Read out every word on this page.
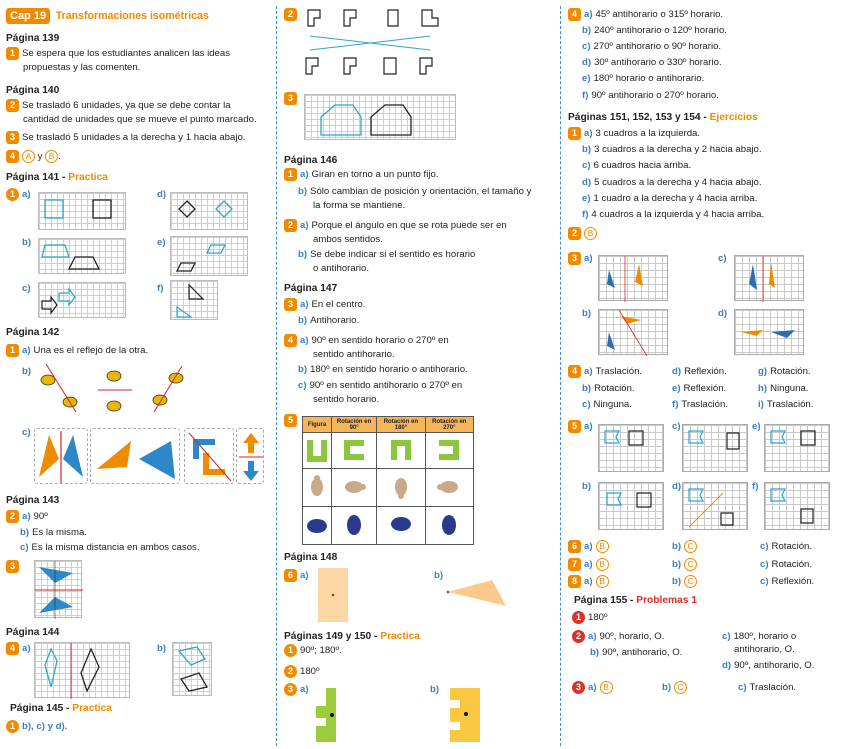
Cap 19 Transformaciones isométricas
Página 139
1 Se espera que los estudiantes analicen las ideas
propuestas y las comenten.
Página 140
2 Se trasladó 6 unidades, ya que se debe contar la
cantidad de unidades que se mueve el punto marcado.
3 Se trasladó 5 unidades a la derecha y 1 hacia abajo.
4 A y B .
Página 141 - Practica
1 a)	d)
b)	e)
c)	f)
Página 142
1 a) Una es el reflejo de la otra.
b)
c)
Página 143
2 a) 90º
b) Es la misma.
c) Es la misma distancia en ambos casos.
3
Página 144
4 a)	b)
Página 145 - Practica
1 b), c) y d).
2
3
Página 146
1 a) Giran en torno a un punto fijo.
b) Sólo cambian de posición y orientación, el tamaño y
la forma se mantiene.
2 a) Porque el ángulo en que se rota puede ser en
ambos sentidos.
b) Se debe indicar si el sentido es horario
o antihorario.
Página 147
3 a) En el centro.
b) Antihorario.
4 a) 90º en sentido horario o 270º en
sentido antihorario.
b) 180º en sentido horario o antihorario.
c) 90º en sentido antihorario o 270º en
sentido horario.
5	Figura	Rotación en 90°	Rotación en 180°	Rotación en 270°

Página 148
6 a)	b)
Páginas 149 y 150 - Practica
1 90º; 180º.
2 180º
3 a)	b)
4 a) 45º antihorario o 315º horario.
b) 240º antihorario o 120º horario.
c) 270º antihorario o 90º horario.
d) 30º antihorario o 330º horario.
e) 180º horario o antihorario.
f) 90º antihorario o 270º horario.
Páginas 151, 152, 153 y 154 - Ejercicios
1 a) 3 cuadros a la izquierda.
b) 3 cuadros a la derecha y 2 hacia abajo.
c) 6 cuadros hacia arriba.
d) 5 cuadros a la derecha y 4 hacia abajo.
e) 1 cuadro a la derecha y 4 hacia arriba.
f) 4 cuadros a la izquierda y 4 hacia arriba.
2 B
3 a)	c)
b)	d)
4 a) Traslación.	d) Reflexión.	g) Rotación.
b) Rotación.	e) Reflexión.	h) Ninguna.
c) Ninguna.	f) Traslación.	i) Traslación.
5 a)	c)	e)
b)	d)	f)
6 a) B	b) C	c) Rotación.
7 a) B	b) C	c) Rotación.
8 a) B	b) C	c) Reflexión.
Página 155 - Problemas 1
1 180º
2 a) 90º, horario, O.
b) 90º, antihorario, O.
c) 180º, horario o
antihorario, O.
d) 90º, antihorario, O.
3 a) B	b) C	c) Traslación.
